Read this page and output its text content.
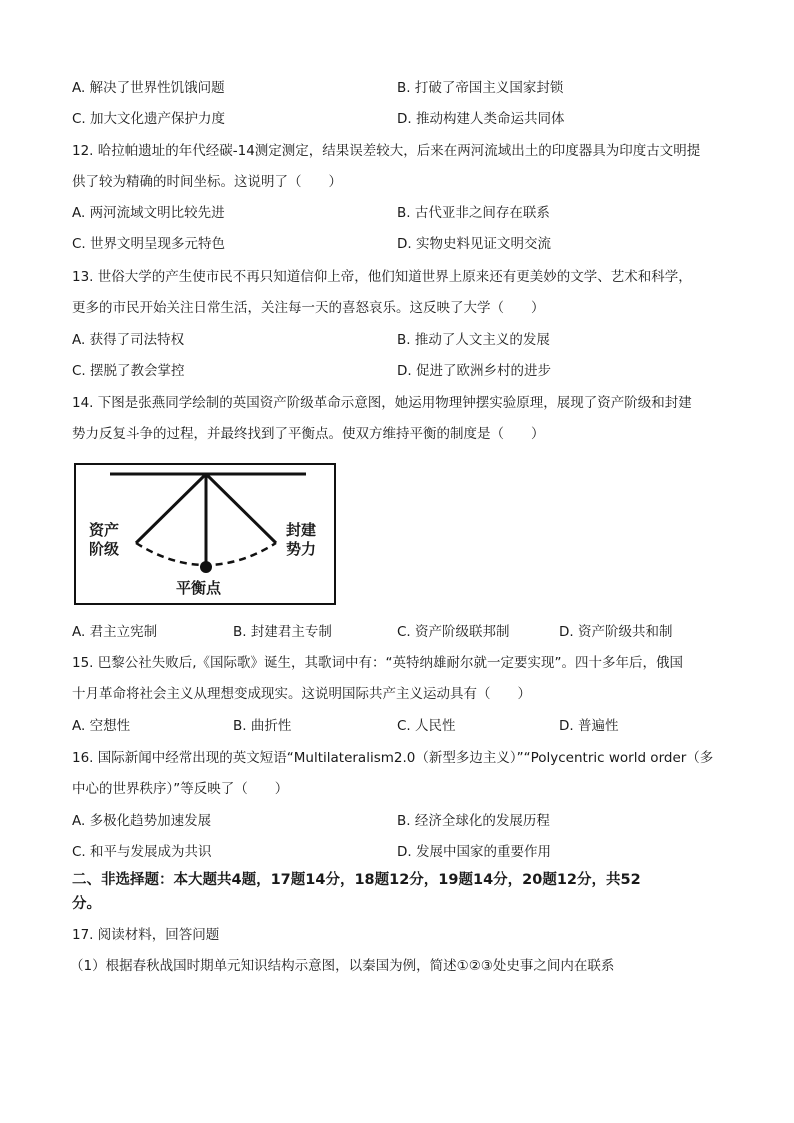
A. 解决了世界性饥饿问题	B. 打破了帝国主义国家封锁
C. 加大文化遗产保护力度	D. 推动构建人类命运共同体
12. 哈拉帕遗址的年代经碳-14测定测定，结果误差较大，后来在两河流域出土的印度器具为印度古文明提
供了较为精确的时间坐标。这说明了（　　）
A. 两河流域文明比较先进	B. 古代亚非之间存在联系
C. 世界文明呈现多元特色	D. 实物史料见证文明交流
13. 世俗大学的产生使市民不再只知道信仰上帝，他们知道世界上原来还有更美妙的文学、艺术和科学，
更多的市民开始关注日常生活，关注每一天的喜怒哀乐。这反映了大学（　　）
A. 获得了司法特权	B. 推动了人文主义的发展
C. 摆脱了教会掌控	D. 促进了欧洲乡村的进步
14. 下图是张燕同学绘制的英国资产阶级革命示意图，她运用物理钟摆实验原理，展现了资产阶级和封建
势力反复斗争的过程，并最终找到了平衡点。使双方维持平衡的制度是（　　）
资产
阶级
封建
势力
平衡点
A. 君主立宪制	B. 封建君主专制	C. 资产阶级联邦制	D. 资产阶级共和制
15. 巴黎公社失败后,《国际歌》诞生，其歌词中有：“英特纳雄耐尔就一定要实现”。四十多年后，俄国
十月革命将社会主义从理想变成现实。这说明国际共产主义运动具有（　　）
A. 空想性	B. 曲折性	C. 人民性	D. 普遍性
16. 国际新闻中经常出现的英文短语“Multilateralism2.0（新型多边主义）”“Polycentric world order（多
中心的世界秩序）”等反映了（　　）
A. 多极化趋势加速发展	B. 经济全球化的发展历程
C. 和平与发展成为共识	D. 发展中国家的重要作用
二、非选择题：本大题共4题，17题14分，18题12分，19题14分，20题12分，共52
分。
17. 阅读材料，回答问题
（1）根据春秋战国时期单元知识结构示意图，以秦国为例，简述①②③处史事之间内在联系
